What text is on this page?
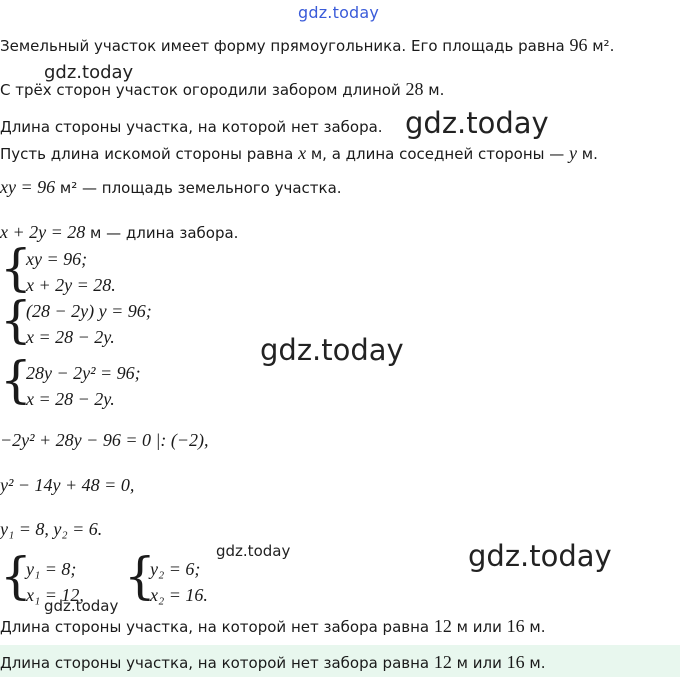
gdz.today
Земельный участок имеет форму прямоугольника. Его площадь равна 96 м².
gdz.today
С трёх сторон участок огородили забором длиной 28 м.
Длина стороны участка, на которой нет забора. gdz.today
Пусть длина искомой стороны равна x м, а длина соседней стороны — y м.
xy = 96 м² — площадь земельного участка.
x + 2y = 28 м — длина забора.
{
xy = 96;
x + 2y = 28.
{
(28 − 2y) y = 96;
x = 28 − 2y.	gdz.today
{
28y − 2y² = 96;
x = 28 − 2y.
−2y² + 28y − 96 = 0 |: (−2),
y² − 14y + 48 = 0,
y₁ = 8, y₂ = 6.
{
y₁ = 8;
x₁ = 12, {
y₂ = 6;
x₂ = 16.
gdz.today	gdz.today
gdz.today
Длина стороны участка, на которой нет забора равна 12 м или 16 м.
Длина стороны участка, на которой нет забора равна 12 м или 16 м.
